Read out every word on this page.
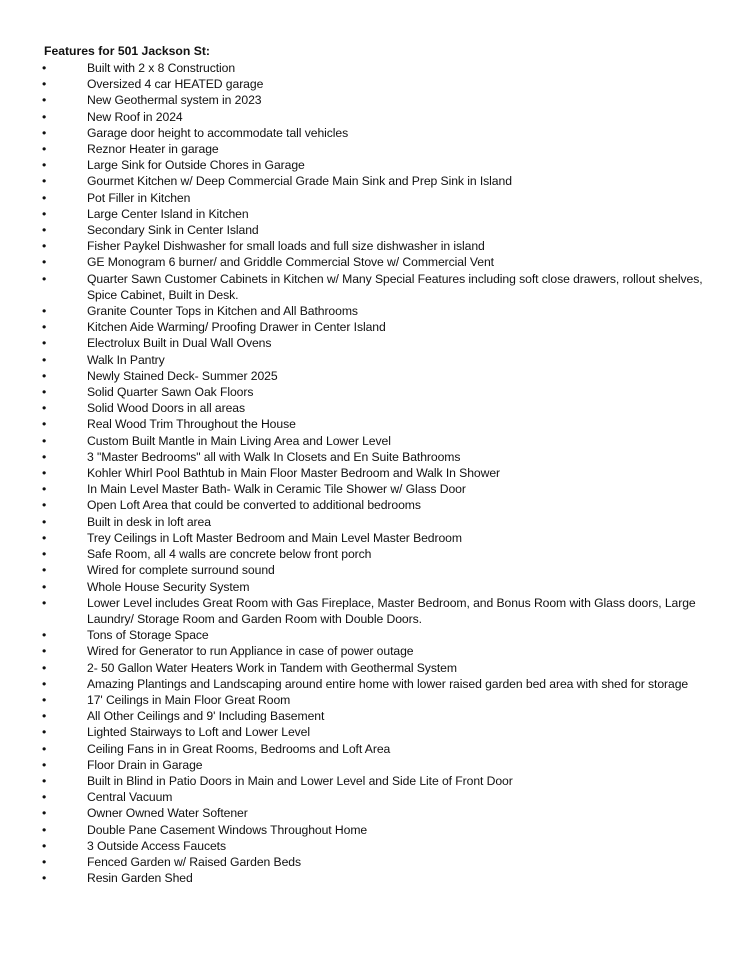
Features for 501 Jackson St:
•	Built with 2 x 8 Construction
•	Oversized 4 car HEATED garage
•	New Geothermal system in 2023
•	New Roof in 2024
•	Garage door height to accommodate tall vehicles
•	Reznor Heater in garage
•	Large Sink for Outside Chores in Garage
•	Gourmet Kitchen w/ Deep Commercial Grade Main Sink and Prep Sink in Island
•	Pot Filler in Kitchen
•	Large Center Island in Kitchen
•	Secondary Sink in Center Island
•	Fisher Paykel Dishwasher for small loads and full size dishwasher in island
•	GE Monogram 6 burner/ and Griddle Commercial Stove w/ Commercial Vent
•	Quarter Sawn Customer Cabinets in Kitchen w/ Many Special Features including soft close drawers, rollout shelves, Spice Cabinet, Built in Desk.
•	Granite Counter Tops in Kitchen and All Bathrooms
•	Kitchen Aide Warming/ Proofing Drawer in Center Island
•	Electrolux Built in Dual Wall Ovens
•	Walk In Pantry
•	Newly Stained Deck- Summer 2025
•	Solid Quarter Sawn Oak Floors
•	Solid Wood Doors in all areas
•	Real Wood Trim Throughout the House
•	Custom Built Mantle in Main Living Area and Lower Level
•	3 "Master Bedrooms" all with Walk In Closets and En Suite Bathrooms
•	Kohler Whirl Pool Bathtub in Main Floor Master Bedroom and Walk In Shower
•	In Main Level Master Bath- Walk in Ceramic Tile Shower w/ Glass Door
•	Open Loft Area that could be converted to additional bedrooms
•	Built in desk in loft area
•	Trey Ceilings in Loft Master Bedroom and Main Level Master Bedroom
•	Safe Room, all 4 walls are concrete below front porch
•	Wired for complete surround sound
•	Whole House Security System
•	Lower Level includes Great Room with Gas Fireplace, Master Bedroom, and Bonus Room with Glass doors, Large Laundry/ Storage Room and Garden Room with Double Doors.
•	Tons of Storage Space
•	Wired for Generator to run Appliance in case of power outage
•	2- 50 Gallon Water Heaters Work in Tandem with Geothermal System
•	Amazing Plantings and Landscaping around entire home with lower raised garden bed area with shed for storage
•	17' Ceilings in Main Floor Great Room
•	All Other Ceilings and 9' Including Basement
•	Lighted Stairways to Loft and Lower Level
•	Ceiling Fans in in Great Rooms, Bedrooms and Loft Area
•	Floor Drain in Garage
•	Built in Blind in Patio Doors in Main and Lower Level and Side Lite of Front Door
•	Central Vacuum
•	Owner Owned Water Softener
•	Double Pane Casement Windows Throughout Home
•	3 Outside Access Faucets
•	Fenced Garden w/ Raised Garden Beds
•	Resin Garden Shed
